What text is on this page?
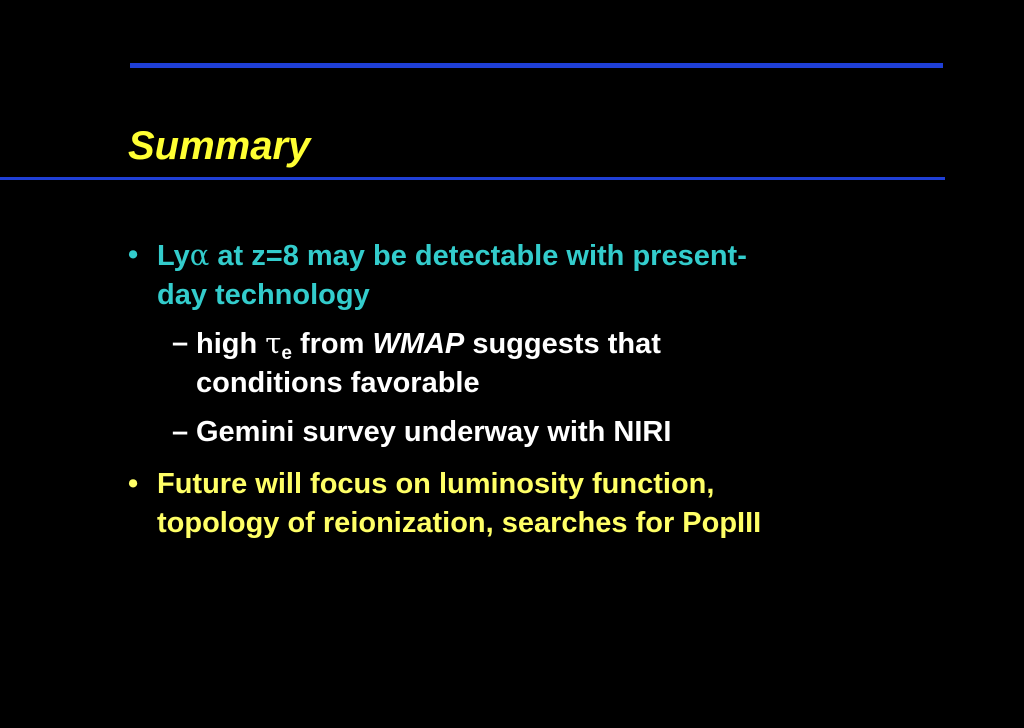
Summary
• Lyα at z=8 may be detectable with present-
day technology
– high $\tau_e$ from WMAP suggests that
conditions favorable
– Gemini survey underway with NIRI
• Future will focus on luminosity function,
topology of reionization, searches for PopIII
